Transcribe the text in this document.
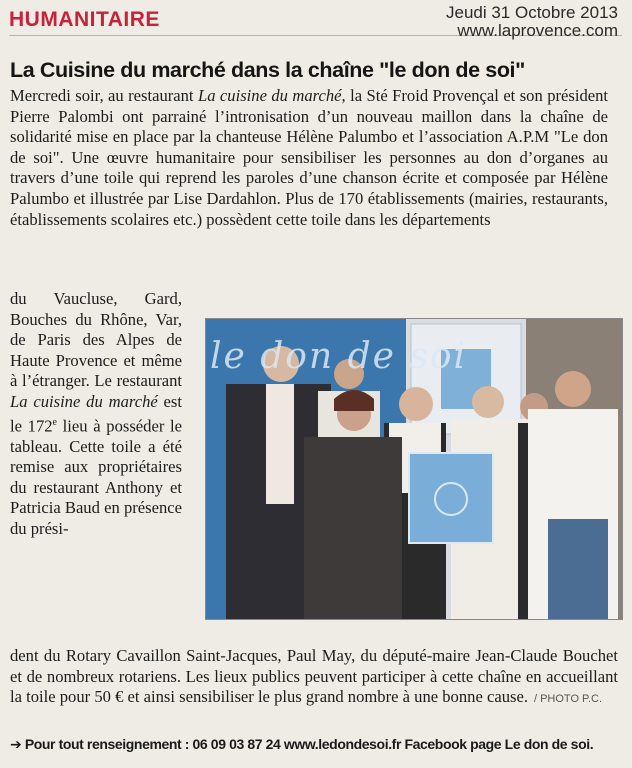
HUMANITAIRE	Jeudi 31 Octobre 2013
www.laprovence.com
La Cuisine du marché dans la chaîne "le don de soi"
Mercredi soir, au restaurant La cuisine du marché, la Sté Froid Provençal et son président Pierre Palombi ont parrainé l’intronisation d’un nouveau maillon dans la chaîne de solidarité mise en place par la chanteuse Hélène Palumbo et l’association A.P.M "Le don de soi". Une œuvre humanitaire pour sensibiliser les personnes au don d’organes au travers d’une toile qui reprend les paroles d’une chanson écrite et composée par Hélène Palumbo et illustrée par Lise Dardahlon. Plus de 170 établissements (mairies, restaurants, établissements scolaires etc.) possèdent cette toile dans les départements
du Vaucluse, Gard, Bouches du Rhône, Var, de Paris des Alpes de Haute Provence et même à l’étranger. Le restaurant La cuisine du marché est le 172e lieu à posséder le tableau. Cette toile a été remise aux propriétaires du restaurant Anthony et Patricia Baud en présence du prési-
le don de soi
dent du Rotary Cavaillon Saint-Jacques, Paul May, du député-maire Jean-Claude Bouchet et de nombreux rotariens. Les lieux publics peuvent participer à cette chaîne en accueillant la toile pour 50 € et ainsi sensibiliser le plus grand nombre à une bonne cause. / PHOTO P.C.
➔ Pour tout renseignement : 06 09 03 87 24 www.ledondesoi.fr Facebook page Le don de soi.
